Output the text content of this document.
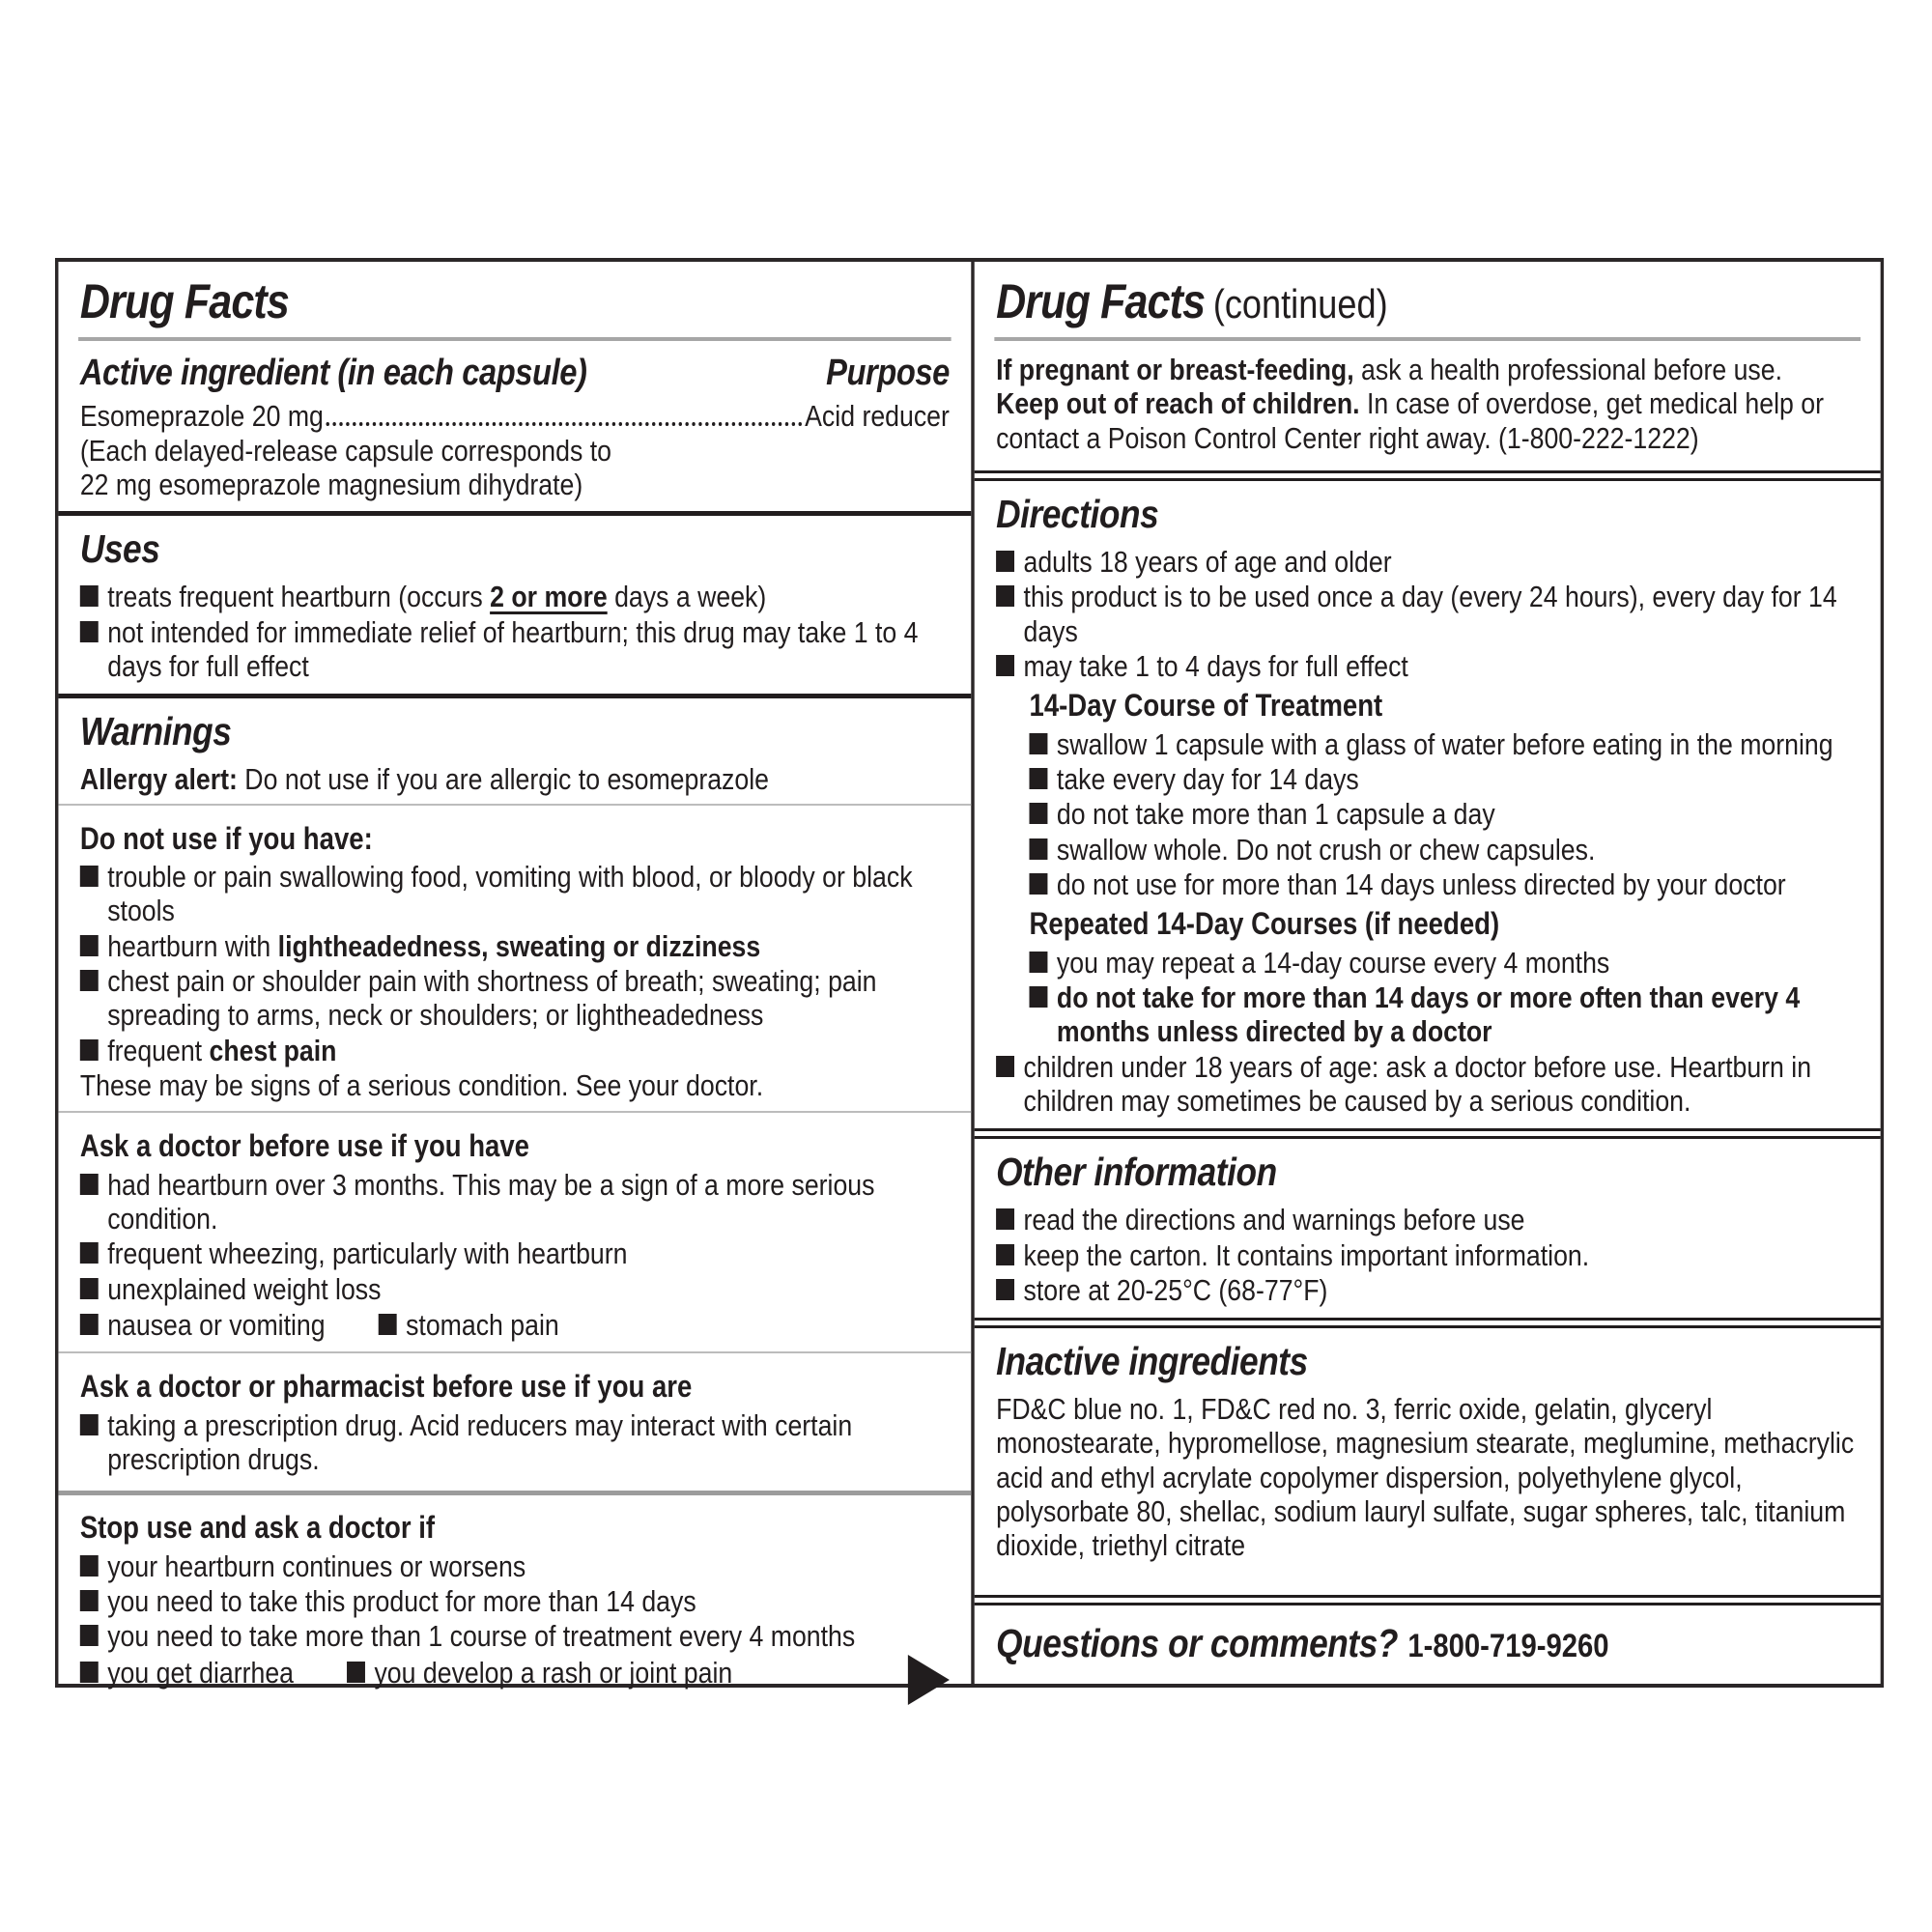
Drug Facts
Active ingredient (in each capsule)	Purpose
Esomeprazole 20 mg	Acid reducer
(Each delayed-release capsule corresponds to
22 mg esomeprazole magnesium dihydrate)
Uses
treats frequent heartburn (occurs 2 or more days a week)
not intended for immediate relief of heartburn; this drug may take 1 to 4 days for full effect
Warnings
Allergy alert: Do not use if you are allergic to esomeprazole
Do not use if you have:
trouble or pain swallowing food, vomiting with blood, or bloody or black stools
heartburn with lightheadedness, sweating or dizziness
chest pain or shoulder pain with shortness of breath; sweating; pain spreading to arms, neck or shoulders; or lightheadedness
frequent chest pain
These may be signs of a serious condition. See your doctor.
Ask a doctor before use if you have
had heartburn over 3 months. This may be a sign of a more serious condition.
frequent wheezing, particularly with heartburn
unexplained weight loss
nausea or vomiting	stomach pain
Ask a doctor or pharmacist before use if you are
taking a prescription drug. Acid reducers may interact with certain prescription drugs.
Stop use and ask a doctor if
your heartburn continues or worsens
you need to take this product for more than 14 days
you need to take more than 1 course of treatment every 4 months
you get diarrhea	you develop a rash or joint pain
Drug Facts (continued)
If pregnant or breast-feeding, ask a health professional before use.
Keep out of reach of children. In case of overdose, get medical help or contact a Poison Control Center right away. (1-800-222-1222)
Directions
adults 18 years of age and older
this product is to be used once a day (every 24 hours), every day for 14 days
may take 1 to 4 days for full effect
14-Day Course of Treatment
swallow 1 capsule with a glass of water before eating in the morning
take every day for 14 days
do not take more than 1 capsule a day
swallow whole. Do not crush or chew capsules.
do not use for more than 14 days unless directed by your doctor
Repeated 14-Day Courses (if needed)
you may repeat a 14-day course every 4 months
do not take for more than 14 days or more often than every 4 months unless directed by a doctor
children under 18 years of age: ask a doctor before use. Heartburn in children may sometimes be caused by a serious condition.
Other information
read the directions and warnings before use
keep the carton. It contains important information.
store at 20-25°C (68-77°F)
Inactive ingredients
FD&C blue no. 1, FD&C red no. 3, ferric oxide, gelatin, glyceryl monostearate, hypromellose, magnesium stearate, meglumine, methacrylic acid and ethyl acrylate copolymer dispersion, polyethylene glycol, polysorbate 80, shellac, sodium lauryl sulfate, sugar spheres, talc, titanium dioxide, triethyl citrate
Questions or comments? 1-800-719-9260
